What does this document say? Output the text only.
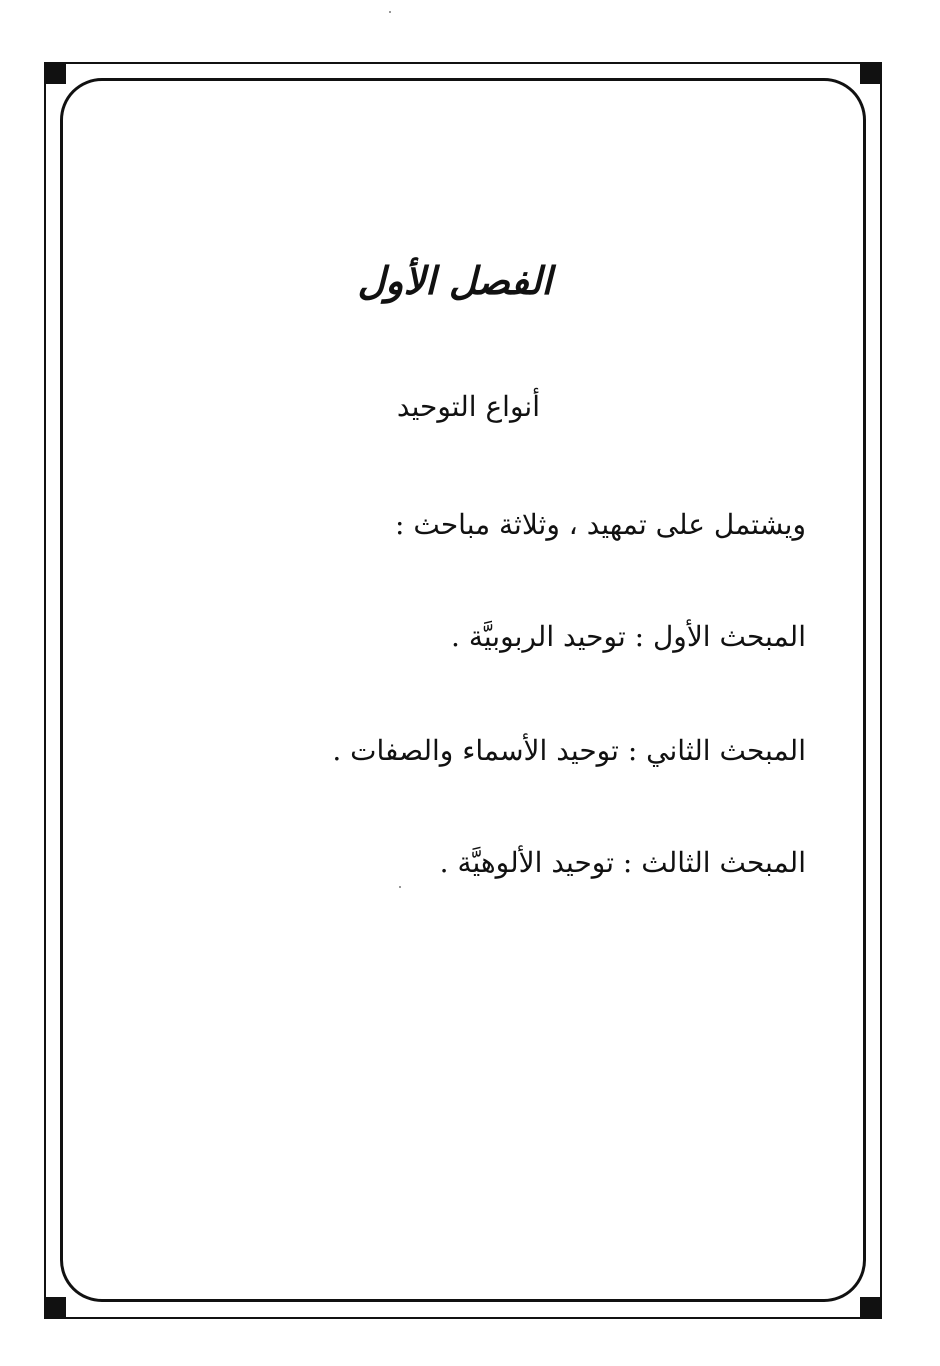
الفصل الأول
أنواع التوحيد
ويشتمل على تمهيد ، وثلاثة مباحث :
المبحث الأول : توحيد الربوبيَّة .
المبحث الثاني : توحيد الأسماء والصفات .
المبحث الثالث : توحيد الألوهيَّة .
